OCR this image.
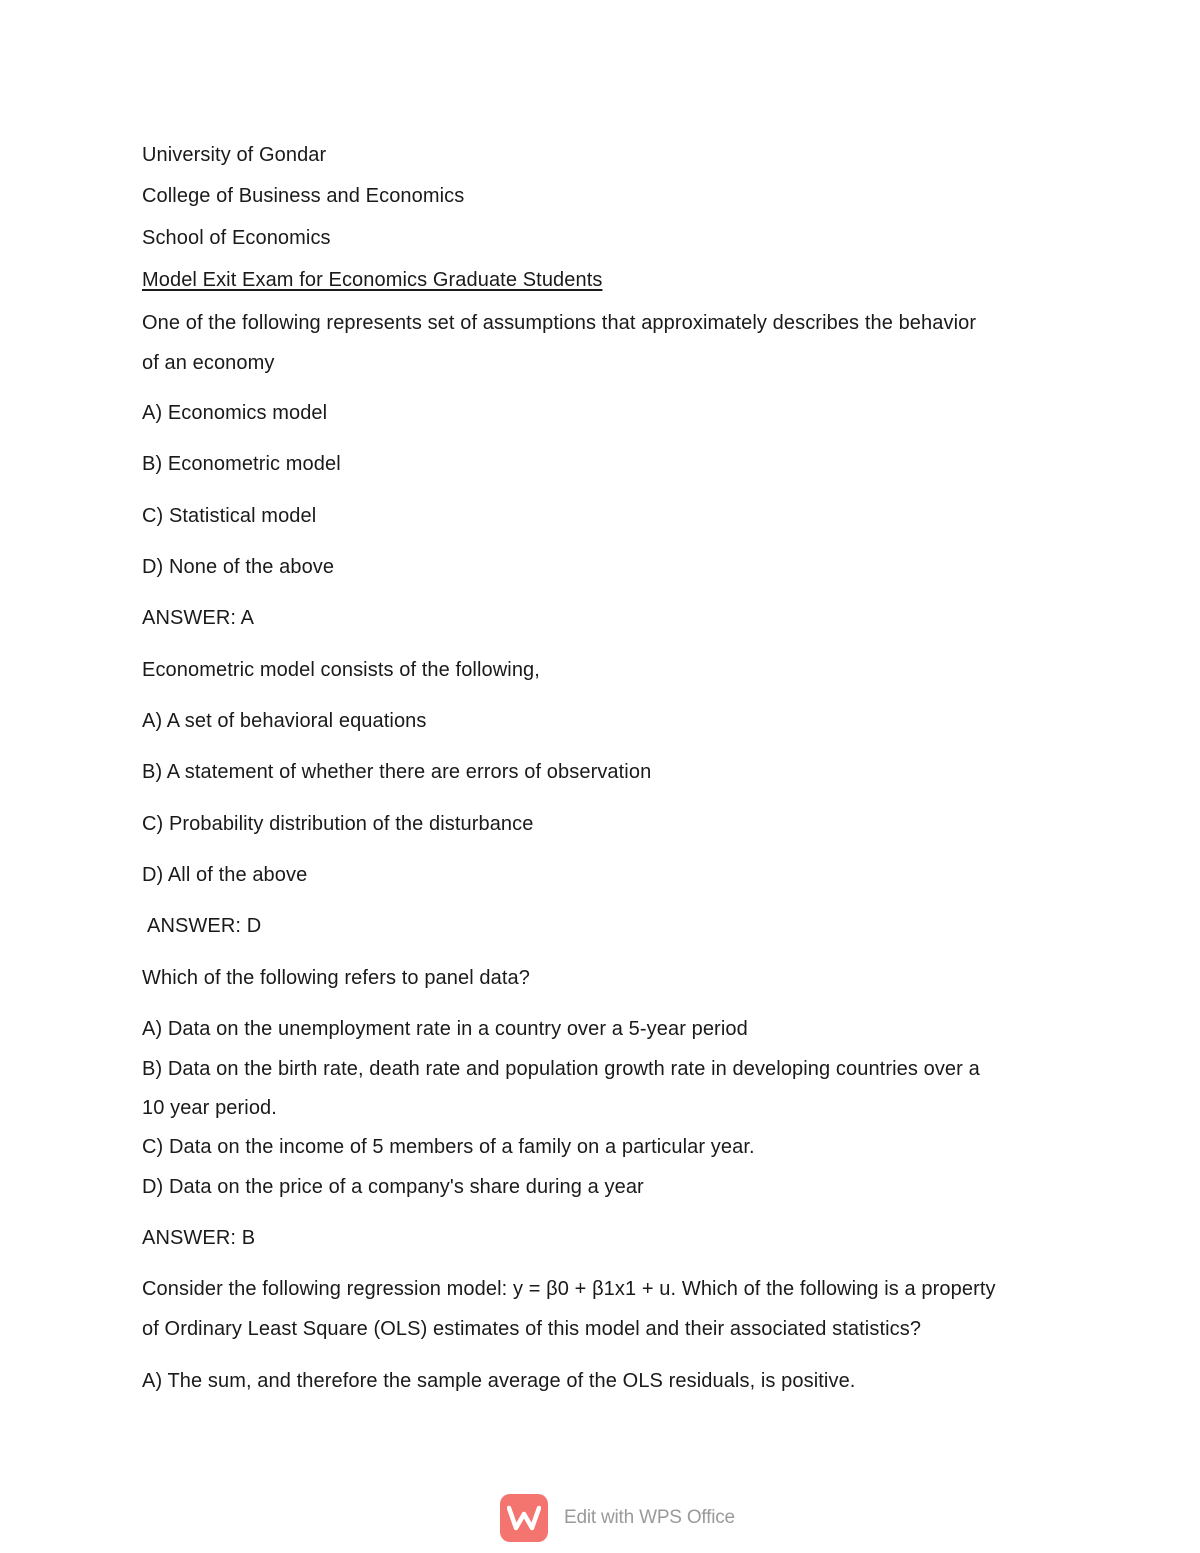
University of Gondar

College of Business and Economics

School of Economics

Model Exit Exam for Economics Graduate Students

One of the following represents set of assumptions that approximately describes the behavior

of an economy

A) Economics model

B) Econometric model

C) Statistical model

D) None of the above

ANSWER: A

Econometric model consists of the following,

A) A set of behavioral equations

B) A statement of whether there are errors of observation

C) Probability distribution of the disturbance

D) All of the above

ANSWER: D

Which of the following refers to panel data?

A) Data on the unemployment rate in a country over a 5-year period

B) Data on the birth rate, death rate and population growth rate in developing countries over a

10 year period.

C) Data on the income of 5 members of a family on a particular year.

D) Data on the price of a company's share during a year

ANSWER: B

Consider the following regression model: y = β0 + β1x1 + u. Which of the following is a property

of Ordinary Least Square (OLS) estimates of this model and their associated statistics?

A) The sum, and therefore the sample average of the OLS residuals, is positive.

Edit with WPS Office
